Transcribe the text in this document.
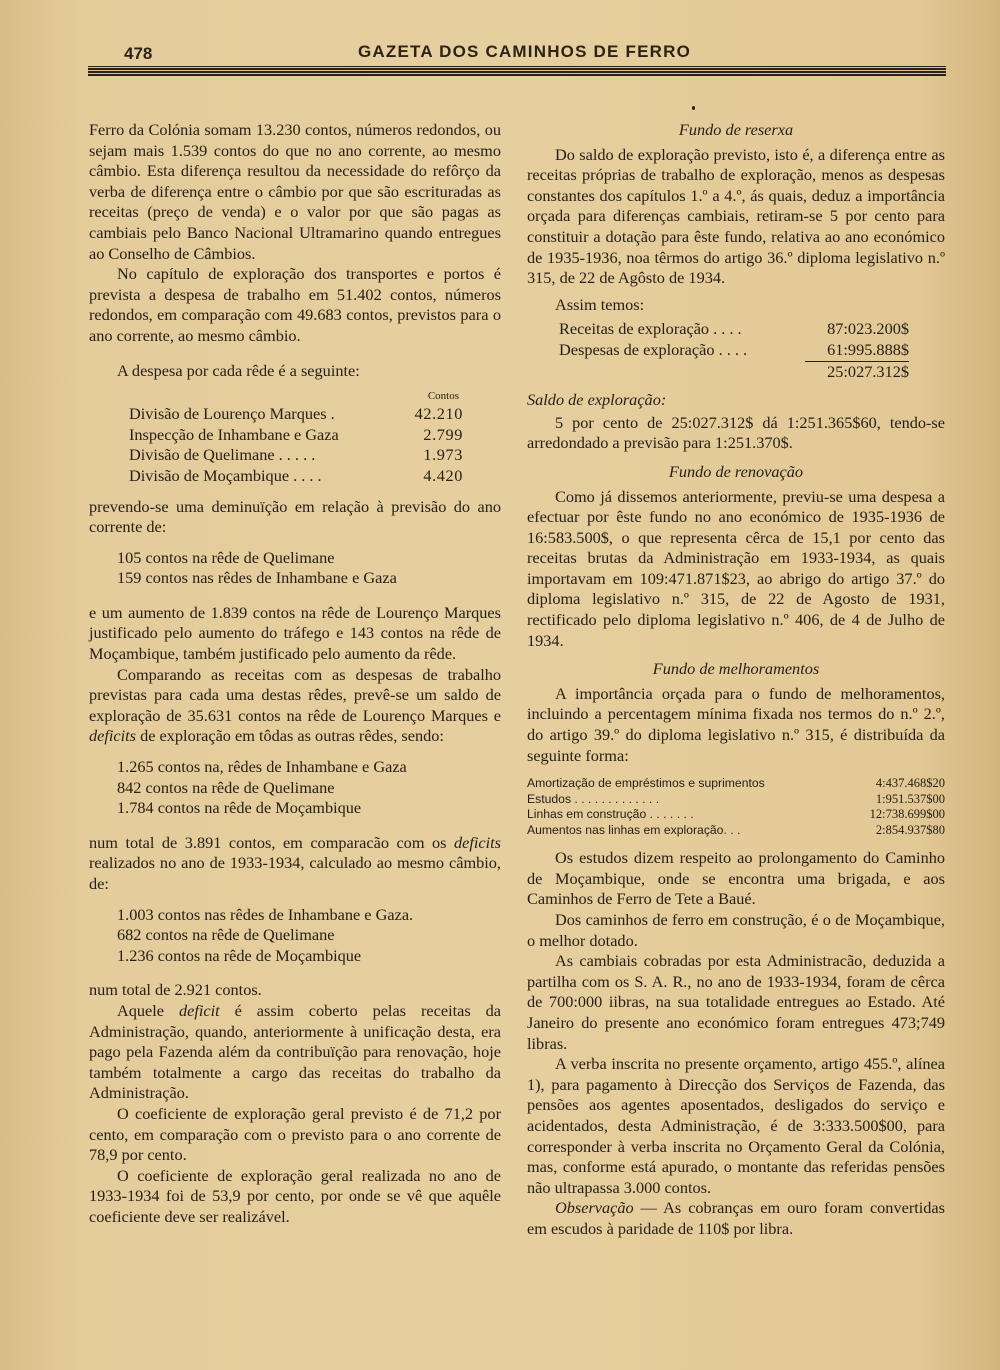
478	GAZETA DOS CAMINHOS DE FERRO

Ferro da Colónia somam 13.230 contos, números redondos, ou sejam mais 1.539 contos do que no ano corrente, ao mesmo câmbio. Esta diferença resultou da necessidade do refôrço da verba de diferença entre o câmbio por que são escrituradas as receitas (preço de venda) e o valor por que são pagas as cambiais pelo Banco Nacional Ultramarino quando entregues ao Conselho de Câmbios.

No capítulo de exploração dos transportes e portos é prevista a despesa de trabalho em 51.402 contos, números redondos, em comparação com 49.683 contos, previstos para o ano corrente, ao mesmo câmbio.

A despesa por cada rêde é a seguinte:

Contos
Divisão de Lourenço Marques .	42.210
Inspecção de Inhambane e Gaza	2.799
Divisão de Quelimane . . . . .	1.973
Divisão de Moçambique . . . .	4.420

prevendo-se uma deminuïção em relação à previsão do ano corrente de:

105 contos na rêde de Quelimane
159 contos nas rêdes de Inhambane e Gaza

e um aumento de 1.839 contos na rêde de Lourenço Marques justificado pelo aumento do tráfego e 143 contos na rêde de Moçambique, também justificado pelo aumento da rêde.

Comparando as receitas com as despesas de trabalho previstas para cada uma destas rêdes, prevê-se um saldo de exploração de 35.631 contos na rêde de Lourenço Marques e deficits de exploração em tôdas as outras rêdes, sendo:

1.265 contos na, rêdes de Inhambane e Gaza
842 contos na rêde de Quelimane
1.784 contos na rêde de Moçambique

num total de 3.891 contos, em comparacão com os deficits realizados no ano de 1933-1934, calculado ao mesmo câmbio, de:

1.003 contos nas rêdes de Inhambane e Gaza.
682 contos na rêde de Quelimane
1.236 contos na rêde de Moçambique

num total de 2.921 contos.

Aquele deficit é assim coberto pelas receitas da Administração, quando, anteriormente à unificação desta, era pago pela Fazenda além da contribuïção para renovação, hoje também totalmente a cargo das receitas do trabalho da Administração.

O coeficiente de exploração geral previsto é de 71,2 por cento, em comparação com o previsto para o ano corrente de 78,9 por cento.

O coeficiente de exploração geral realizada no ano de 1933-1934 foi de 53,9 por cento, por onde se vê que aquêle coeficiente deve ser realizável.

Fundo de reserxa

Do saldo de exploração previsto, isto é, a diferença entre as receitas próprias de trabalho de exploração, menos as despesas constantes dos capítulos 1.º a 4.º, ás quais, deduz a importância orçada para diferenças cambiais, retiram-se 5 por cento para constituir a dotação para êste fundo, relativa ao ano económico de 1935-1936, noa têrmos do artigo 36.º diploma legislativo n.º 315, de 22 de Agôsto de 1934.

Assim temos:

Receitas de exploração . . . .	87:023.200$
Despesas de exploração . . . .	61:995.888$
25:027.312$
Saldo de exploração:

5 por cento de 25:027.312$ dá 1:251.365$60, tendo-se arredondado a previsão para 1:251.370$.

Fundo de renovação

Como já dissemos anteriormente, previu-se uma despesa a efectuar por êste fundo no ano económico de 1935-1936 de 16:583.500$, o que representa cêrca de 15,1 por cento das receitas brutas da Administração em 1933-1934, as quais importavam em 109:471.871$23, ao abrigo do artigo 37.º do diploma legislativo n.º 315, de 22 de Agosto de 1931, rectificado pelo diploma legislativo n.º 406, de 4 de Julho de 1934.

Fundo de melhoramentos

A importância orçada para o fundo de melhoramentos, incluindo a percentagem mínima fixada nos termos do n.º 2.º, do artigo 39.º do diploma legislativo n.º 315, é distribuída da seguinte forma:

Amortização de empréstimos e suprimentos	4:437.468$20
Estudos . . . . . . . . . . . . .	1:951.537$00
Linhas em construção . . . . . . .	12:738.699$00
Aumentos nas linhas em exploração. . .	2:854.937$80

Os estudos dizem respeito ao prolongamento do Caminho de Moçambique, onde se encontra uma brigada, e aos Caminhos de Ferro de Tete a Baué.

Dos caminhos de ferro em construção, é o de Moçambique, o melhor dotado.

As cambiais cobradas por esta Administracão, deduzida a partilha com os S. A. R., no ano de 1933-1934, foram de cêrca de 700:000 iibras, na sua totalidade entregues ao Estado. Até Janeiro do presente ano económico foram entregues 473;749 libras.

A verba inscrita no presente orçamento, artigo 455.º, alínea 1), para pagamento à Direcção dos Serviços de Fazenda, das pensões aos agentes aposentados, desligados do serviço e acidentados, desta Administração, é de 3:333.500$00, para corresponder à verba inscrita no Orçamento Geral da Colónia, mas, conforme está apurado, o montante das referidas pensões não ultrapassa 3.000 contos.

Observação — As cobranças em ouro foram convertidas em escudos à paridade de 110$ por libra.
